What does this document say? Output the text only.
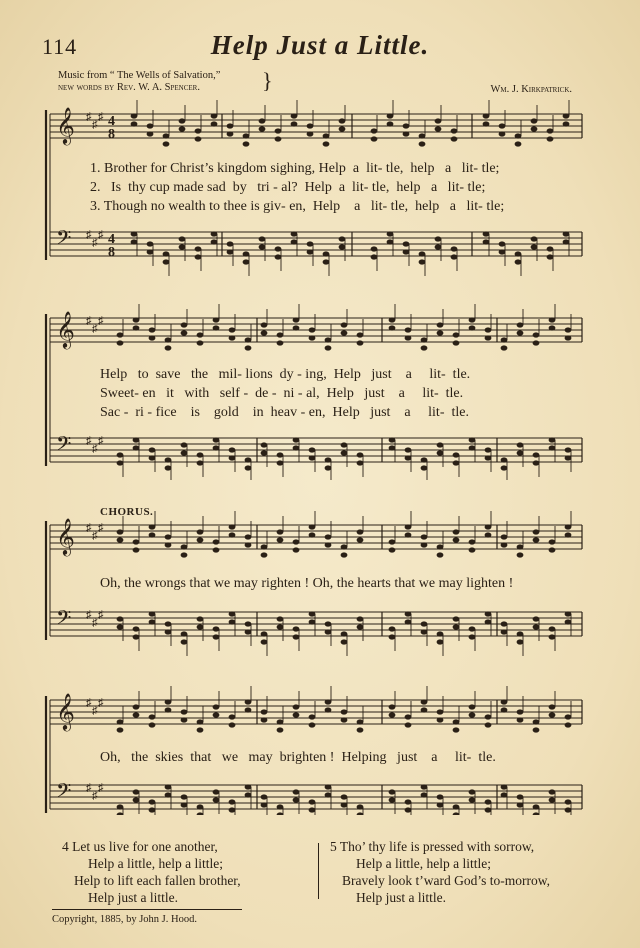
114	Help Just a Little.
Music from “ The Wells of Salvation,”
new words by Rev. W. A. Spencer.	}	Wm. J. Kirkpatrick.
𝄞 ♯
♯
♯ 4
8
𝄢 ♯
♯
♯ 4
8
1. Brother for Christ’s kingdom sighing, Help  a  lit- tle,  help   a   lit- tle;
2.   Is  thy cup made sad  by   tri - al?  Help  a  lit- tle,  help   a   lit- tle;
3. Though no wealth to thee is giv- en,  Help    a   lit- tle,  help   a   lit- tle;
𝄞 ♯
♯
♯
𝄢 ♯
♯
♯
Help   to  save   the   mil- lions  dy - ing,  Help   just    a     lit-  tle.
Sweet- en   it   with   self -  de -  ni - al,  Help   just    a     lit-  tle.
Sac -  ri - fice    is    gold    in  heav - en,  Help   just    a     lit-  tle.
CHORUS.
𝄞 ♯
♯
♯
𝄢 ♯
♯
♯
Oh, the wrongs that we may righten ! Oh, the hearts that we may lighten !
𝄞 ♯
♯
♯
𝄢 ♯
♯
♯
Oh,   the  skies  that   we   may  brighten !  Helping   just    a     lit-  tle.
4 Let us live for one another,
Help a little, help a little;
Help to lift each fallen brother,
Help just a little.
5 Tho’ thy life is pressed with sorrow,
Help a little, help a little;
Bravely look t’ward God’s to-morrow,
Help just a little.
Copyright, 1885, by John J. Hood.
